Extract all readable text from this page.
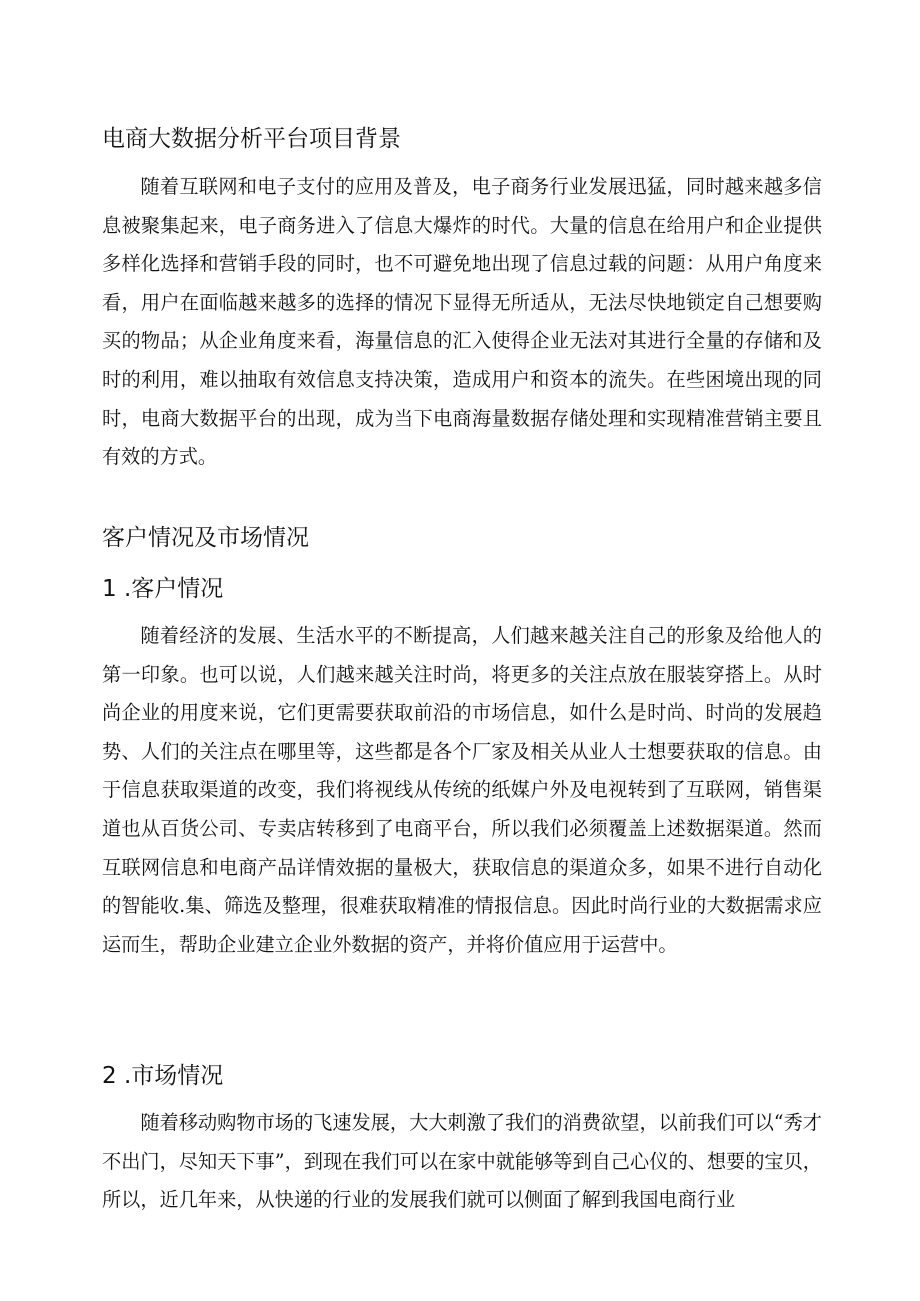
电商大数据分析平台项目背景

随着互联网和电子支付的应用及普及，电子商务行业发展迅猛，同时越来越多信息被聚集起来，电子商务进入了信息大爆炸的时代。大量的信息在给用户和企业提供多样化选择和营销手段的同时，也不可避免地出现了信息过载的问题：从用户角度来看，用户在面临越来越多的选择的情况下显得无所适从，无法尽快地锁定自己想要购买的物品；从企业角度来看，海量信息的汇入使得企业无法对其进行全量的存储和及时的利用，难以抽取有效信息支持决策，造成用户和资本的流失。在些困境出现的同时，电商大数据平台的出现，成为当下电商海量数据存储处理和实现精准营销主要且有效的方式。

客户情况及市场情况
1 .客户情况

随着经济的发展、生活水平的不断提高，人们越来越关注自己的形象及给他人的第一印象。也可以说，人们越来越关注时尚，将更多的关注点放在服装穿搭上。从时尚企业的用度来说，它们更需要获取前沿的市场信息，如什么是时尚、时尚的发展趋势、人们的关注点在哪里等，这些都是各个厂家及相关从业人士想要获取的信息。由于信息获取渠道的改变，我们将视线从传统的纸媒户外及电视转到了互联网，销售渠道也从百货公司、专卖店转移到了电商平台，所以我们必须覆盖上述数据渠道。然而互联网信息和电商产品详情效据的量极大，获取信息的渠道众多，如果不进行自动化的智能收.集、筛选及整理，很难获取精准的情报信息。因此时尚行业的大数据需求应运而生，帮助企业建立企业外数据的资产，并将价值应用于运营中。

2 .市场情况

随着移动购物市场的飞速发展，大大刺激了我们的消费欲望，以前我们可以“秀才不出门，尽知天下事”，到现在我们可以在家中就能够等到自己心仪的、想要的宝贝，所以，近几年来，从快递的行业的发展我们就可以侧面了解到我国电商行业
